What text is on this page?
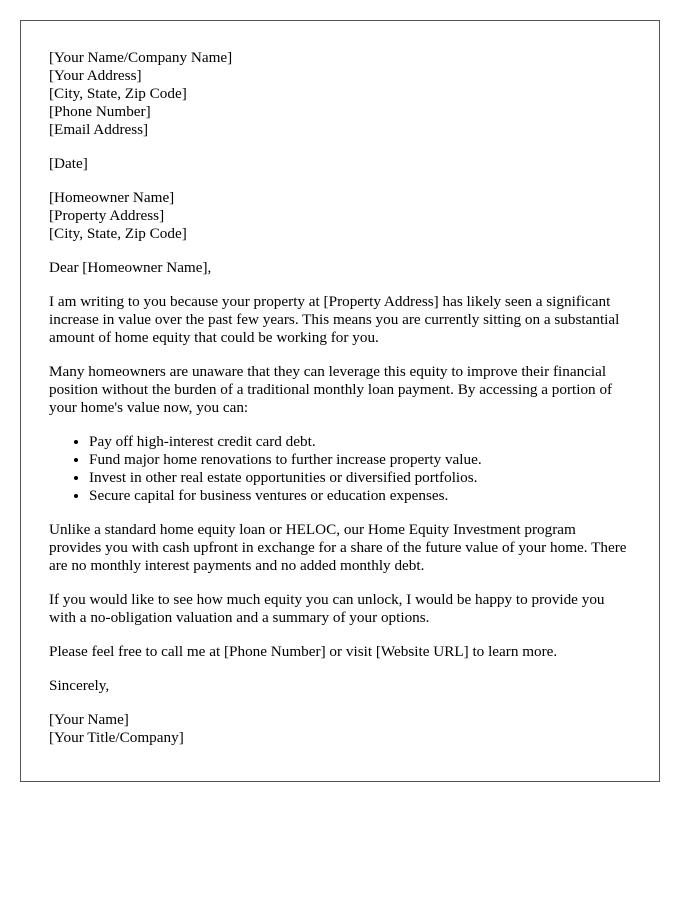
[Your Name/Company Name]
[Your Address]
[City, State, Zip Code]
[Phone Number]
[Email Address]
[Date]
[Homeowner Name]
[Property Address]
[City, State, Zip Code]

Dear [Homeowner Name],

I am writing to you because your property at [Property Address] has likely seen a significant increase in value over the past few years. This means you are currently sitting on a substantial amount of home equity that could be working for you.

Many homeowners are unaware that they can leverage this equity to improve their financial position without the burden of a traditional monthly loan payment. By accessing a portion of your home's value now, you can:

• Pay off high-interest credit card debt.
• Fund major home renovations to further increase property value.
• Invest in other real estate opportunities or diversified portfolios.
• Secure capital for business ventures or education expenses.

Unlike a standard home equity loan or HELOC, our Home Equity Investment program provides you with cash upfront in exchange for a share of the future value of your home. There are no monthly interest payments and no added monthly debt.

If you would like to see how much equity you can unlock, I would be happy to provide you with a no-obligation valuation and a summary of your options.

Please feel free to call me at [Phone Number] or visit [Website URL] to learn more.

Sincerely,

[Your Name]
[Your Title/Company]
